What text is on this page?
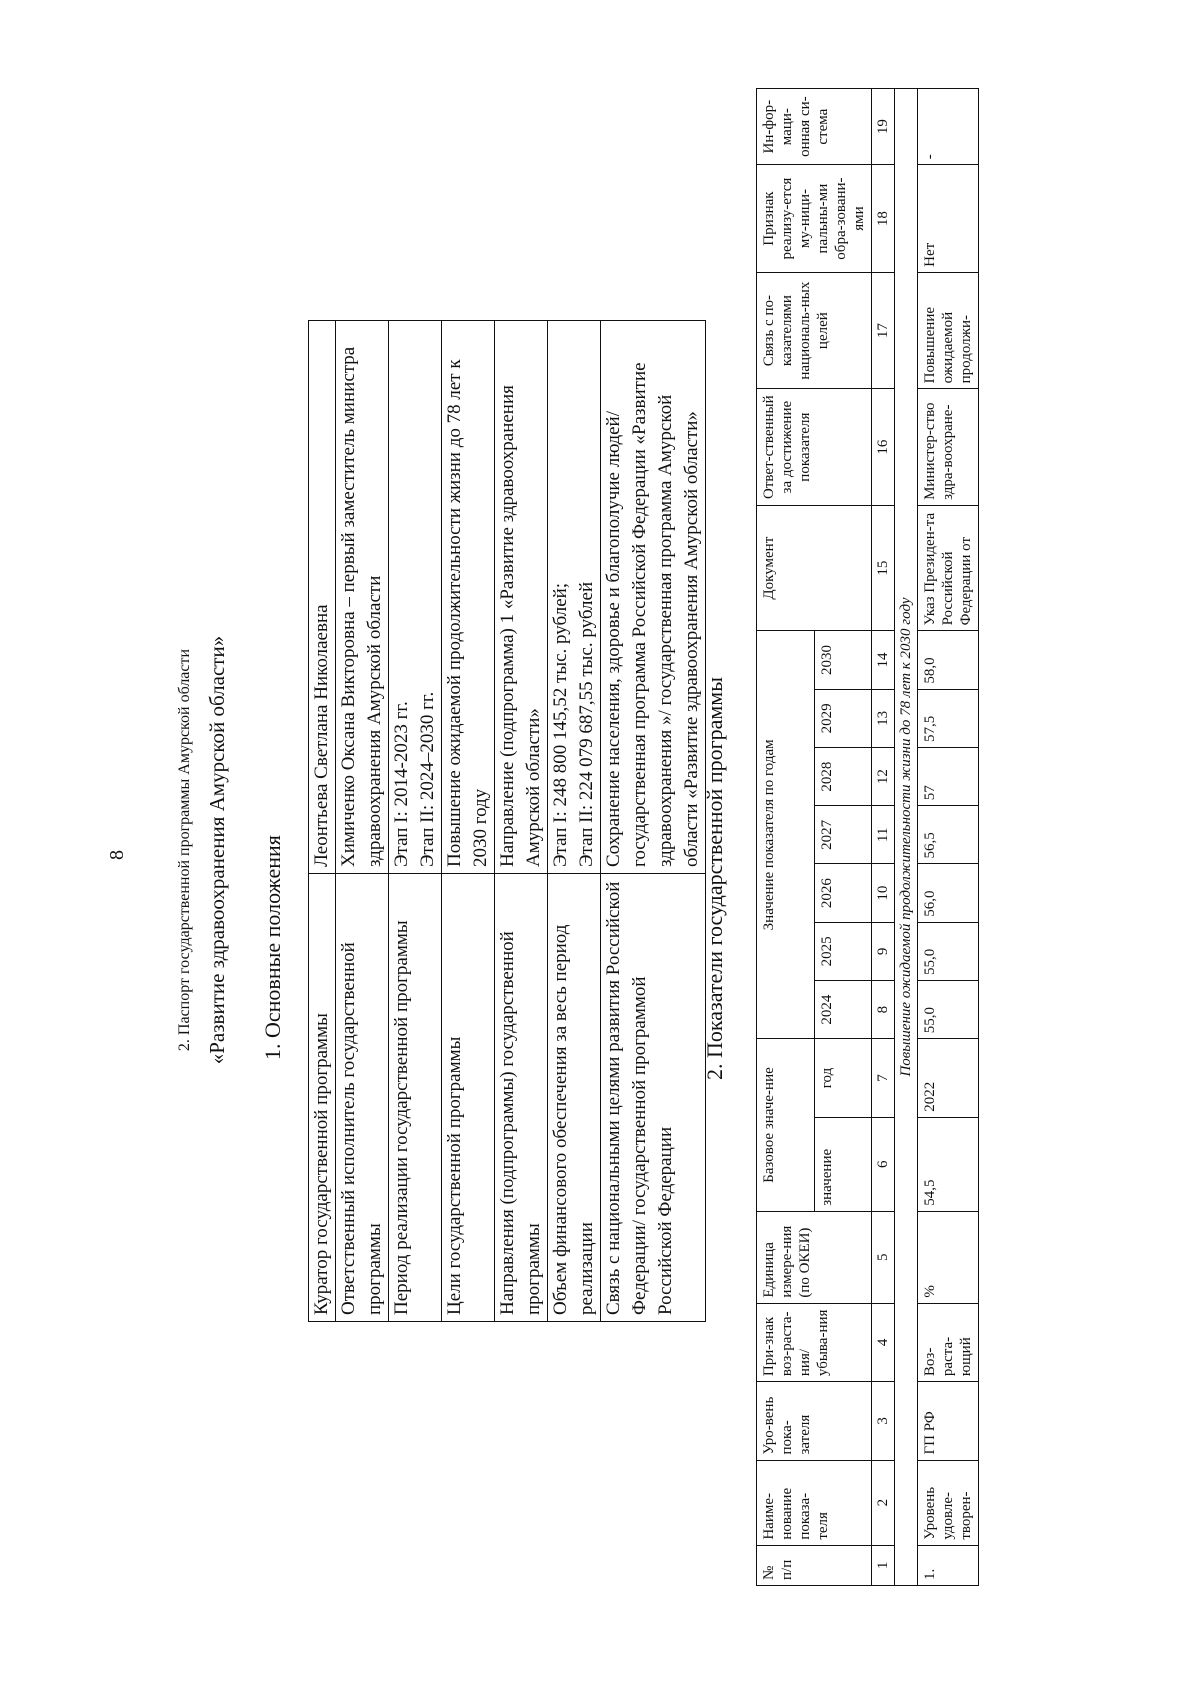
8	2. Паспорт государственной программы Амурской области «Развитие здравоохранения Амурской области» 1. Основные положения
Куратор государственной программы	Леонтьева Светлана Николаевна
Ответственный исполнитель государственной программы	Химиченко Оксана Викторовна – первый заместитель министра здравоохранения Амурской области
Период реализации государственной программы	Этап I: 2014-2023 гг.
Этап II: 2024–2030 гг.
Цели государственной программы	Повышение ожидаемой продолжительности жизни до 78 лет к 2030 году
Направления (подпрограммы) государственной программы	Направление (подпрограмма) 1 «Развитие здравоохранения Амурской области»
Объем финансового обеспечения за весь период реализации	Этап I: 248 800 145,52 тыс. рублей;
Этап II: 224 079 687,55 тыс. рублей
Связь с национальными целями развития Российской Федерации/ государственной программой Российской Федерации	Сохранение населения, здоровье и благополучие людей/государственная программа Российской Федерации «Развитие здравоохранения »/ государственная программа Амурской области «Развитие здравоохранения Амурской области»
2. Показатели государственной программы
№ п/п	Наиме-нование показа-теля	Уро-вень пока-зателя	При-знак воз-раста-ния/ убыва-ния	Единица измере-ния (по ОКЕИ)	Базовое значе-ние		Значение показателя по годам							Документ	Ответ-ственный за достижение показателя	Связь с по-казателями националь-ных целей	Признак реализу-ется му-ници-пальны-ми обра-зовани-ями	Ин-фор-маци-онная си-стема
					значение	год	2024	2025	2026	2027	2028	2029	2030					
1	2	3	4	5	6	7	8	9	10	11	12	13	14	15	16	17	18	19
Повышение ожидаемой продолжительности жизни до 78 лет к 2030 году																		
1.	Уровень удовле-творен-	ГП РФ	Воз-раста-ющий	%	54,5	2022	55,0	55,0	56,0	56,5	57	57,5	58,0	Указ Президен-та Российской Федерации от	Министер-ство здра-воохране-	Повышение ожидаемой продолжи-	Нет	-
